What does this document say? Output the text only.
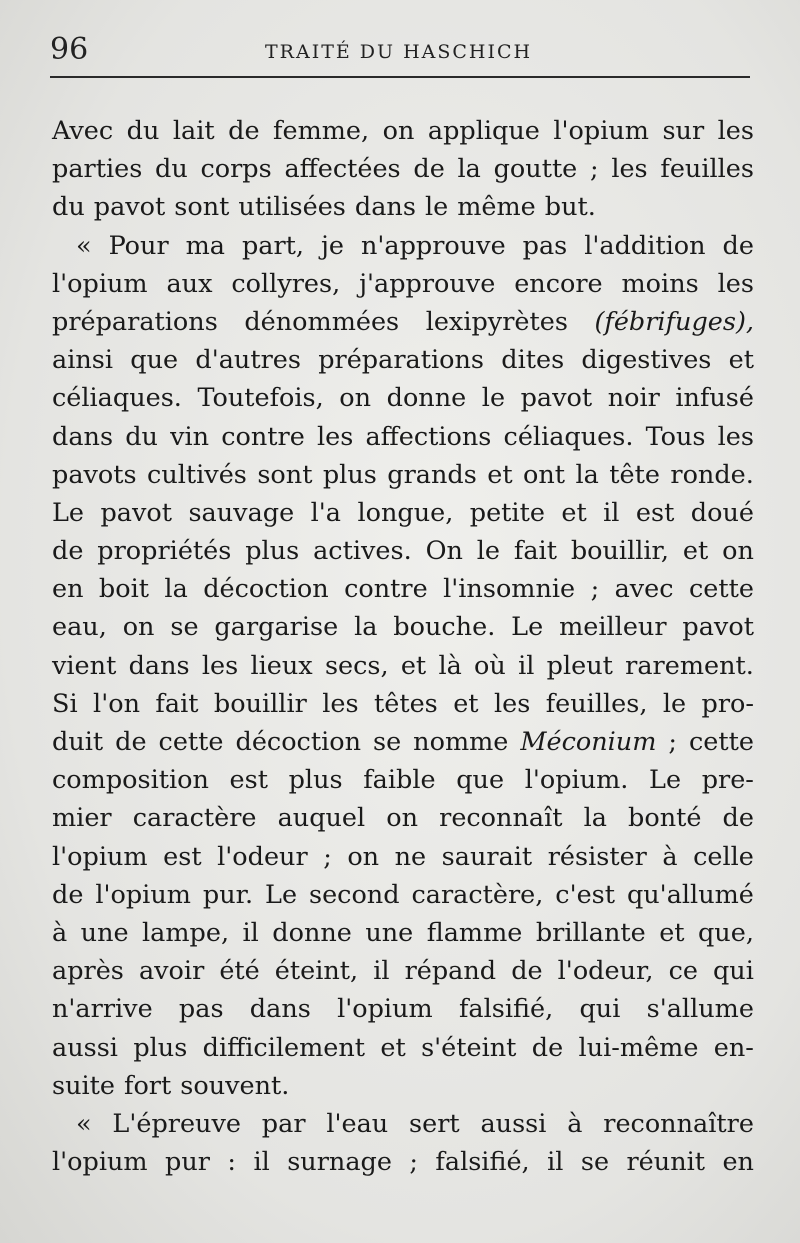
96	TRAITÉ DU HASCHICH
Avec du lait de femme, on applique l'opium sur les
parties du corps affectées de la goutte ; les feuilles
du pavot sont utilisées dans le même but.
« Pour ma part, je n'approuve pas l'addition de
l'opium aux collyres, j'approuve encore moins les
préparations dénommées lexipyrètes (fébrifuges),
ainsi que d'autres préparations dites digestives et
céliaques. Toutefois, on donne le pavot noir infusé
dans du vin contre les affections céliaques. Tous les
pavots cultivés sont plus grands et ont la tête ronde.
Le pavot sauvage l'a longue, petite et il est doué
de propriétés plus actives. On le fait bouillir, et on
en boit la décoction contre l'insomnie ; avec cette
eau, on se gargarise la bouche. Le meilleur pavot
vient dans les lieux secs, et là où il pleut rarement.
Si l'on fait bouillir les têtes et les feuilles, le pro-
duit de cette décoction se nomme Méconium ; cette
composition est plus faible que l'opium. Le pre-
mier caractère auquel on reconnaît la bonté de
l'opium est l'odeur ; on ne saurait résister à celle
de l'opium pur. Le second caractère, c'est qu'allumé
à une lampe, il donne une flamme brillante et que,
après avoir été éteint, il répand de l'odeur, ce qui
n'arrive pas dans l'opium falsifié, qui s'allume
aussi plus difficilement et s'éteint de lui-même en-
suite fort souvent.
« L'épreuve par l'eau sert aussi à reconnaître
l'opium pur : il surnage ; falsifié, il se réunit en
